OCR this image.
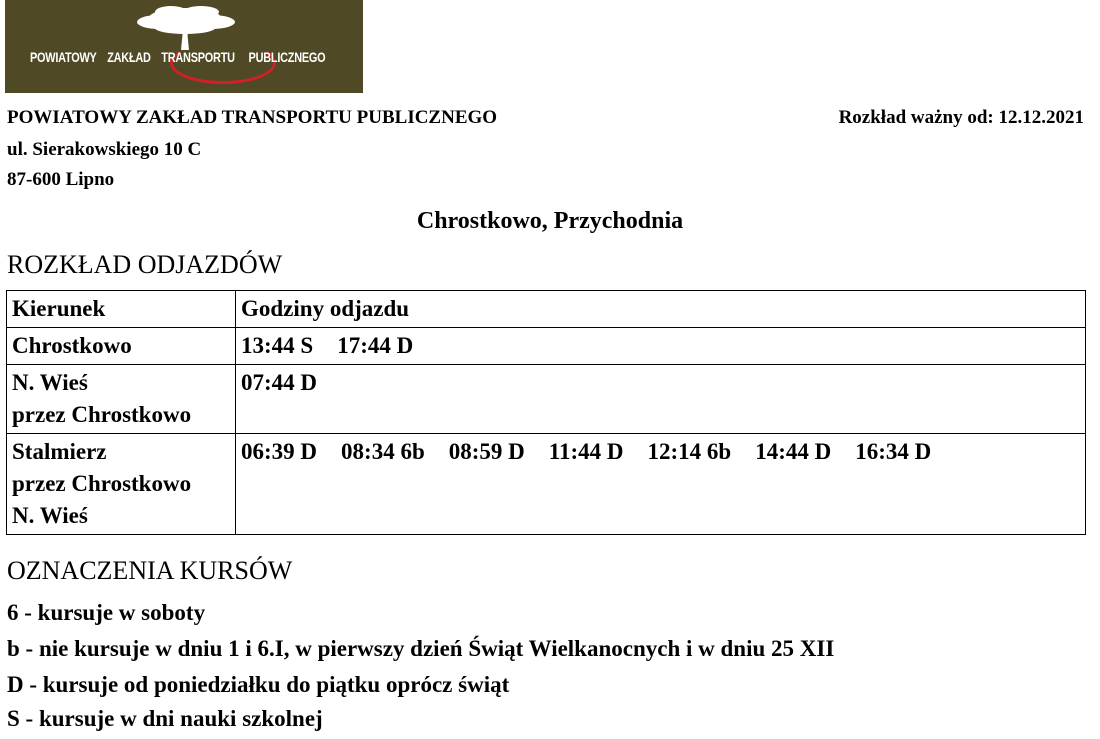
POWIATOWY ZAKŁAD TRANSPORTU PUBLICZNEGO
POWIATOWY ZAKŁAD TRANSPORTU PUBLICZNEGO
ul. Sierakowskiego 10 C
87-600 Lipno
Rozkład ważny od: 12.12.2021
Chrostkowo, Przychodnia
ROZKŁAD ODJAZDÓW
Kierunek	Godziny odjazdu

Chrostkowo	13:44 S 17:44 D

N. Wieś
przez Chrostkowo	07:44 D

Stalmierz
przez Chrostkowo
N. Wieś	06:39 D 08:34 6b 08:59 D 11:44 D 12:14 6b 14:44 D 16:34 D
OZNACZENIA KURSÓW
6 - kursuje w soboty
b - nie kursuje w dniu 1 i 6.I, w pierwszy dzień Świąt Wielkanocnych i w dniu 25 XII
D - kursuje od poniedziałku do piątku oprócz świąt
S - kursuje w dni nauki szkolnej
